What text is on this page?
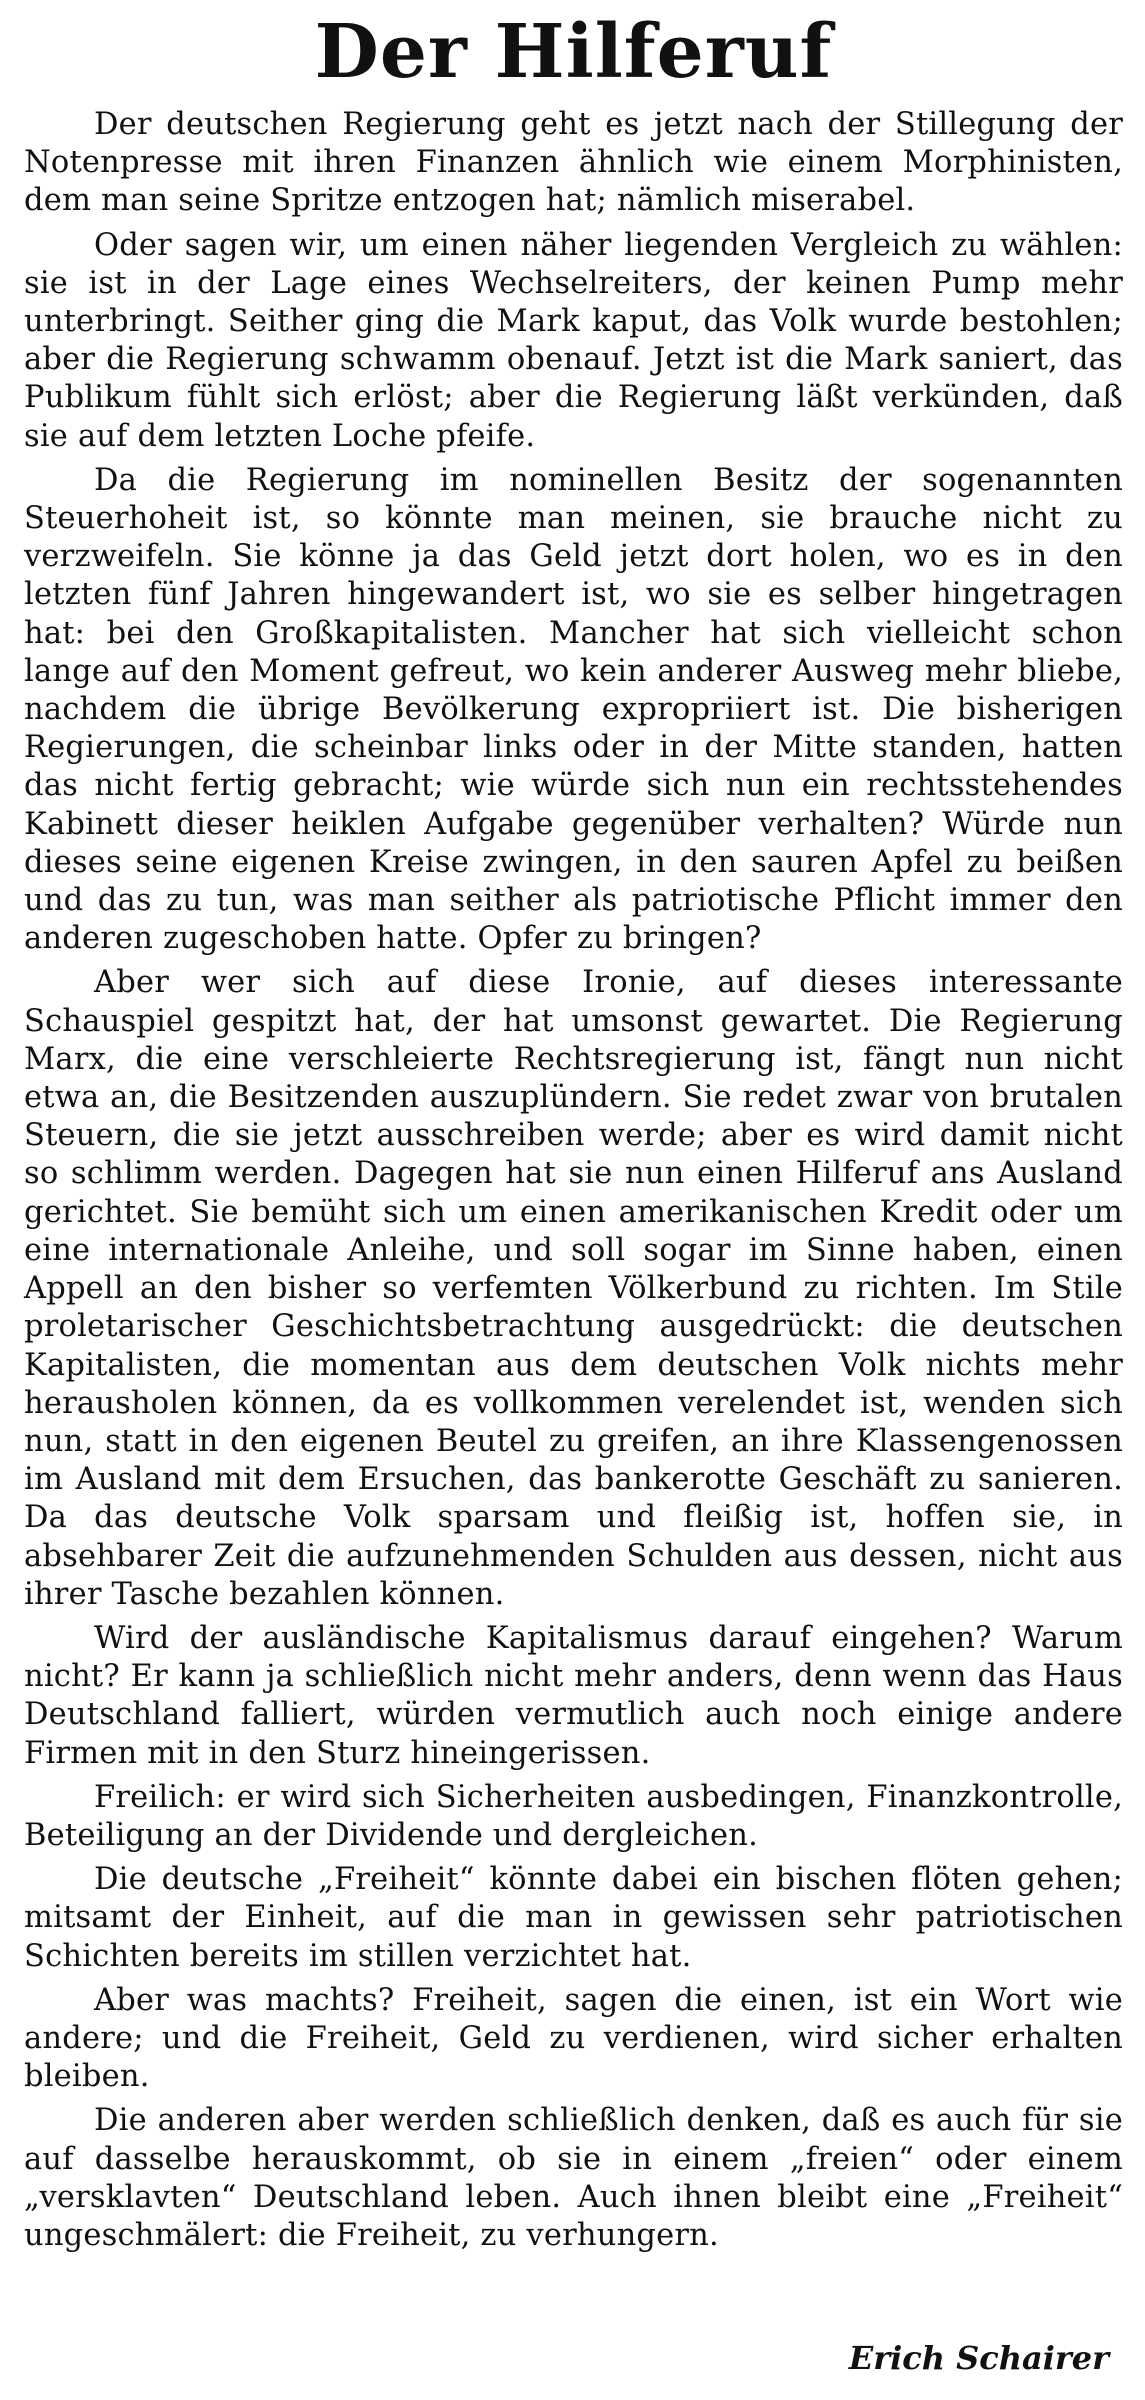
Der Hilferuf

Der deutschen Regierung geht es jetzt nach der Stillegung der Notenpresse mit ihren Finanzen ähnlich wie einem Morphinisten, dem man seine Spritze entzogen hat; nämlich miserabel.

Oder sagen wir, um einen näher liegenden Vergleich zu wählen: sie ist in der Lage eines Wechselreiters, der keinen Pump mehr unterbringt. Seither ging die Mark kaput, das Volk wurde bestohlen; aber die Regierung schwamm obenauf. Jetzt ist die Mark saniert, das Publikum fühlt sich erlöst; aber die Regierung läßt verkünden, daß sie auf dem letzten Loche pfeife.

Da die Regierung im nominellen Besitz der sogenannten Steuerhoheit ist, so könnte man meinen, sie brauche nicht zu verzweifeln. Sie könne ja das Geld jetzt dort holen, wo es in den letzten fünf Jahren hingewandert ist, wo sie es selber hingetragen hat: bei den Großkapitalisten. Mancher hat sich vielleicht schon lange auf den Moment gefreut, wo kein anderer Ausweg mehr bliebe, nachdem die übrige Bevölkerung expropriiert ist. Die bisherigen Regierungen, die scheinbar links oder in der Mitte standen, hatten das nicht fertig gebracht; wie würde sich nun ein rechtsstehendes Kabinett dieser heiklen Aufgabe gegenüber verhalten? Würde nun dieses seine eigenen Kreise zwingen, in den sauren Apfel zu beißen und das zu tun, was man seither als patriotische Pflicht immer den anderen zugeschoben hatte. Opfer zu bringen?

Aber wer sich auf diese Ironie, auf dieses interessante Schauspiel gespitzt hat, der hat umsonst gewartet. Die Regierung Marx, die eine verschleierte Rechtsregierung ist, fängt nun nicht etwa an, die Besitzenden auszuplündern. Sie redet zwar von brutalen Steuern, die sie jetzt ausschreiben werde; aber es wird damit nicht so schlimm werden. Dagegen hat sie nun einen Hilferuf ans Ausland gerichtet. Sie bemüht sich um einen amerikanischen Kredit oder um eine internationale Anleihe, und soll sogar im Sinne haben, einen Appell an den bisher so verfemten Völkerbund zu richten. Im Stile proletarischer Geschichtsbetrachtung ausgedrückt: die deutschen Kapitalisten, die momentan aus dem deutschen Volk nichts mehr herausholen können, da es vollkommen verelendet ist, wenden sich nun, statt in den eigenen Beutel zu greifen, an ihre Klassengenossen im Ausland mit dem Ersuchen, das bankerotte Geschäft zu sanieren. Da das deutsche Volk sparsam und fleißig ist, hoffen sie, in absehbarer Zeit die aufzunehmenden Schulden aus dessen, nicht aus ihrer Tasche bezahlen können.

Wird der ausländische Kapitalismus darauf eingehen? Warum nicht? Er kann ja schließlich nicht mehr anders, denn wenn das Haus Deutschland falliert, würden vermutlich auch noch einige andere Firmen mit in den Sturz hineingerissen.

Freilich: er wird sich Sicherheiten ausbedingen, Finanzkontrolle, Beteiligung an der Dividende und dergleichen.

Die deutsche „Freiheit“ könnte dabei ein bischen flöten gehen; mitsamt der Einheit, auf die man in gewissen sehr patriotischen Schichten bereits im stillen verzichtet hat.

Aber was machts? Freiheit, sagen die einen, ist ein Wort wie andere; und die Freiheit, Geld zu verdienen, wird sicher erhalten bleiben.

Die anderen aber werden schließlich denken, daß es auch für sie auf dasselbe herauskommt, ob sie in einem „freien“ oder einem „versklavten“ Deutschland leben. Auch ihnen bleibt eine „Freiheit“ ungeschmälert: die Freiheit, zu verhungern.

Erich Schairer
